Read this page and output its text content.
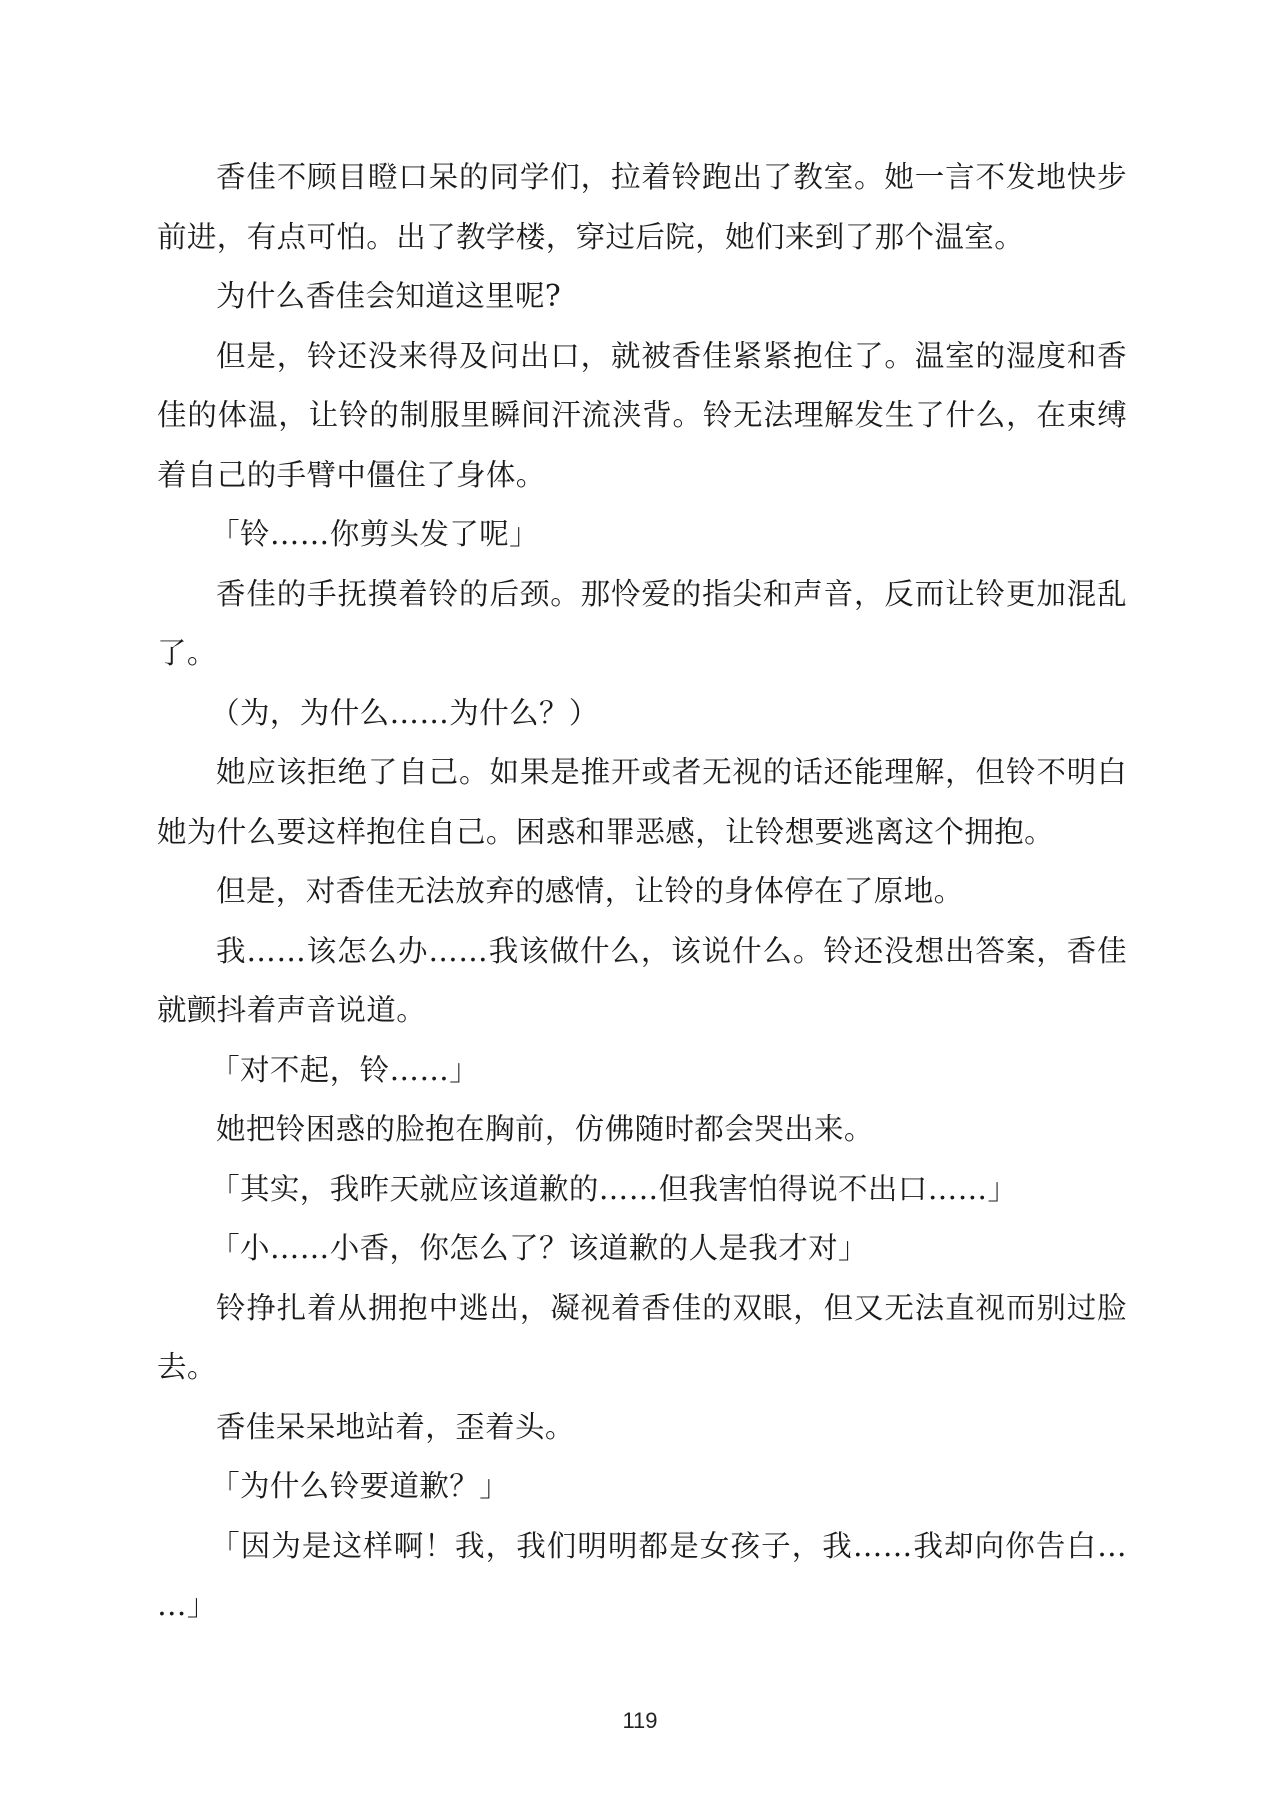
香佳不顾目瞪口呆的同学们，拉着铃跑出了教室。她一言不发地快步前进，有点可怕。出了教学楼，穿过后院，她们来到了那个温室。

为什么香佳会知道这里呢?

但是，铃还没来得及问出口，就被香佳紧紧抱住了。温室的湿度和香佳的体温，让铃的制服里瞬间汗流浃背。铃无法理解发生了什么，在束缚着自己的手臂中僵住了身体。

「铃……你剪头发了呢」

香佳的手抚摸着铃的后颈。那怜爱的指尖和声音，反而让铃更加混乱了。

（为，为什么……为什么？）

她应该拒绝了自己。如果是推开或者无视的话还能理解，但铃不明白她为什么要这样抱住自己。困惑和罪恶感，让铃想要逃离这个拥抱。

但是，对香佳无法放弃的感情，让铃的身体停在了原地。

我……该怎么办……我该做什么，该说什么。铃还没想出答案，香佳就颤抖着声音说道。

「对不起，铃……」

她把铃困惑的脸抱在胸前，仿佛随时都会哭出来。

「其实，我昨天就应该道歉的……但我害怕得说不出口……」

「小……小香，你怎么了？该道歉的人是我才对」

铃挣扎着从拥抱中逃出，凝视着香佳的双眼，但又无法直视而别过脸去。

香佳呆呆地站着，歪着头。

「为什么铃要道歉？」

「因为是这样啊！我，我们明明都是女孩子，我……我却向你告白……」

119
